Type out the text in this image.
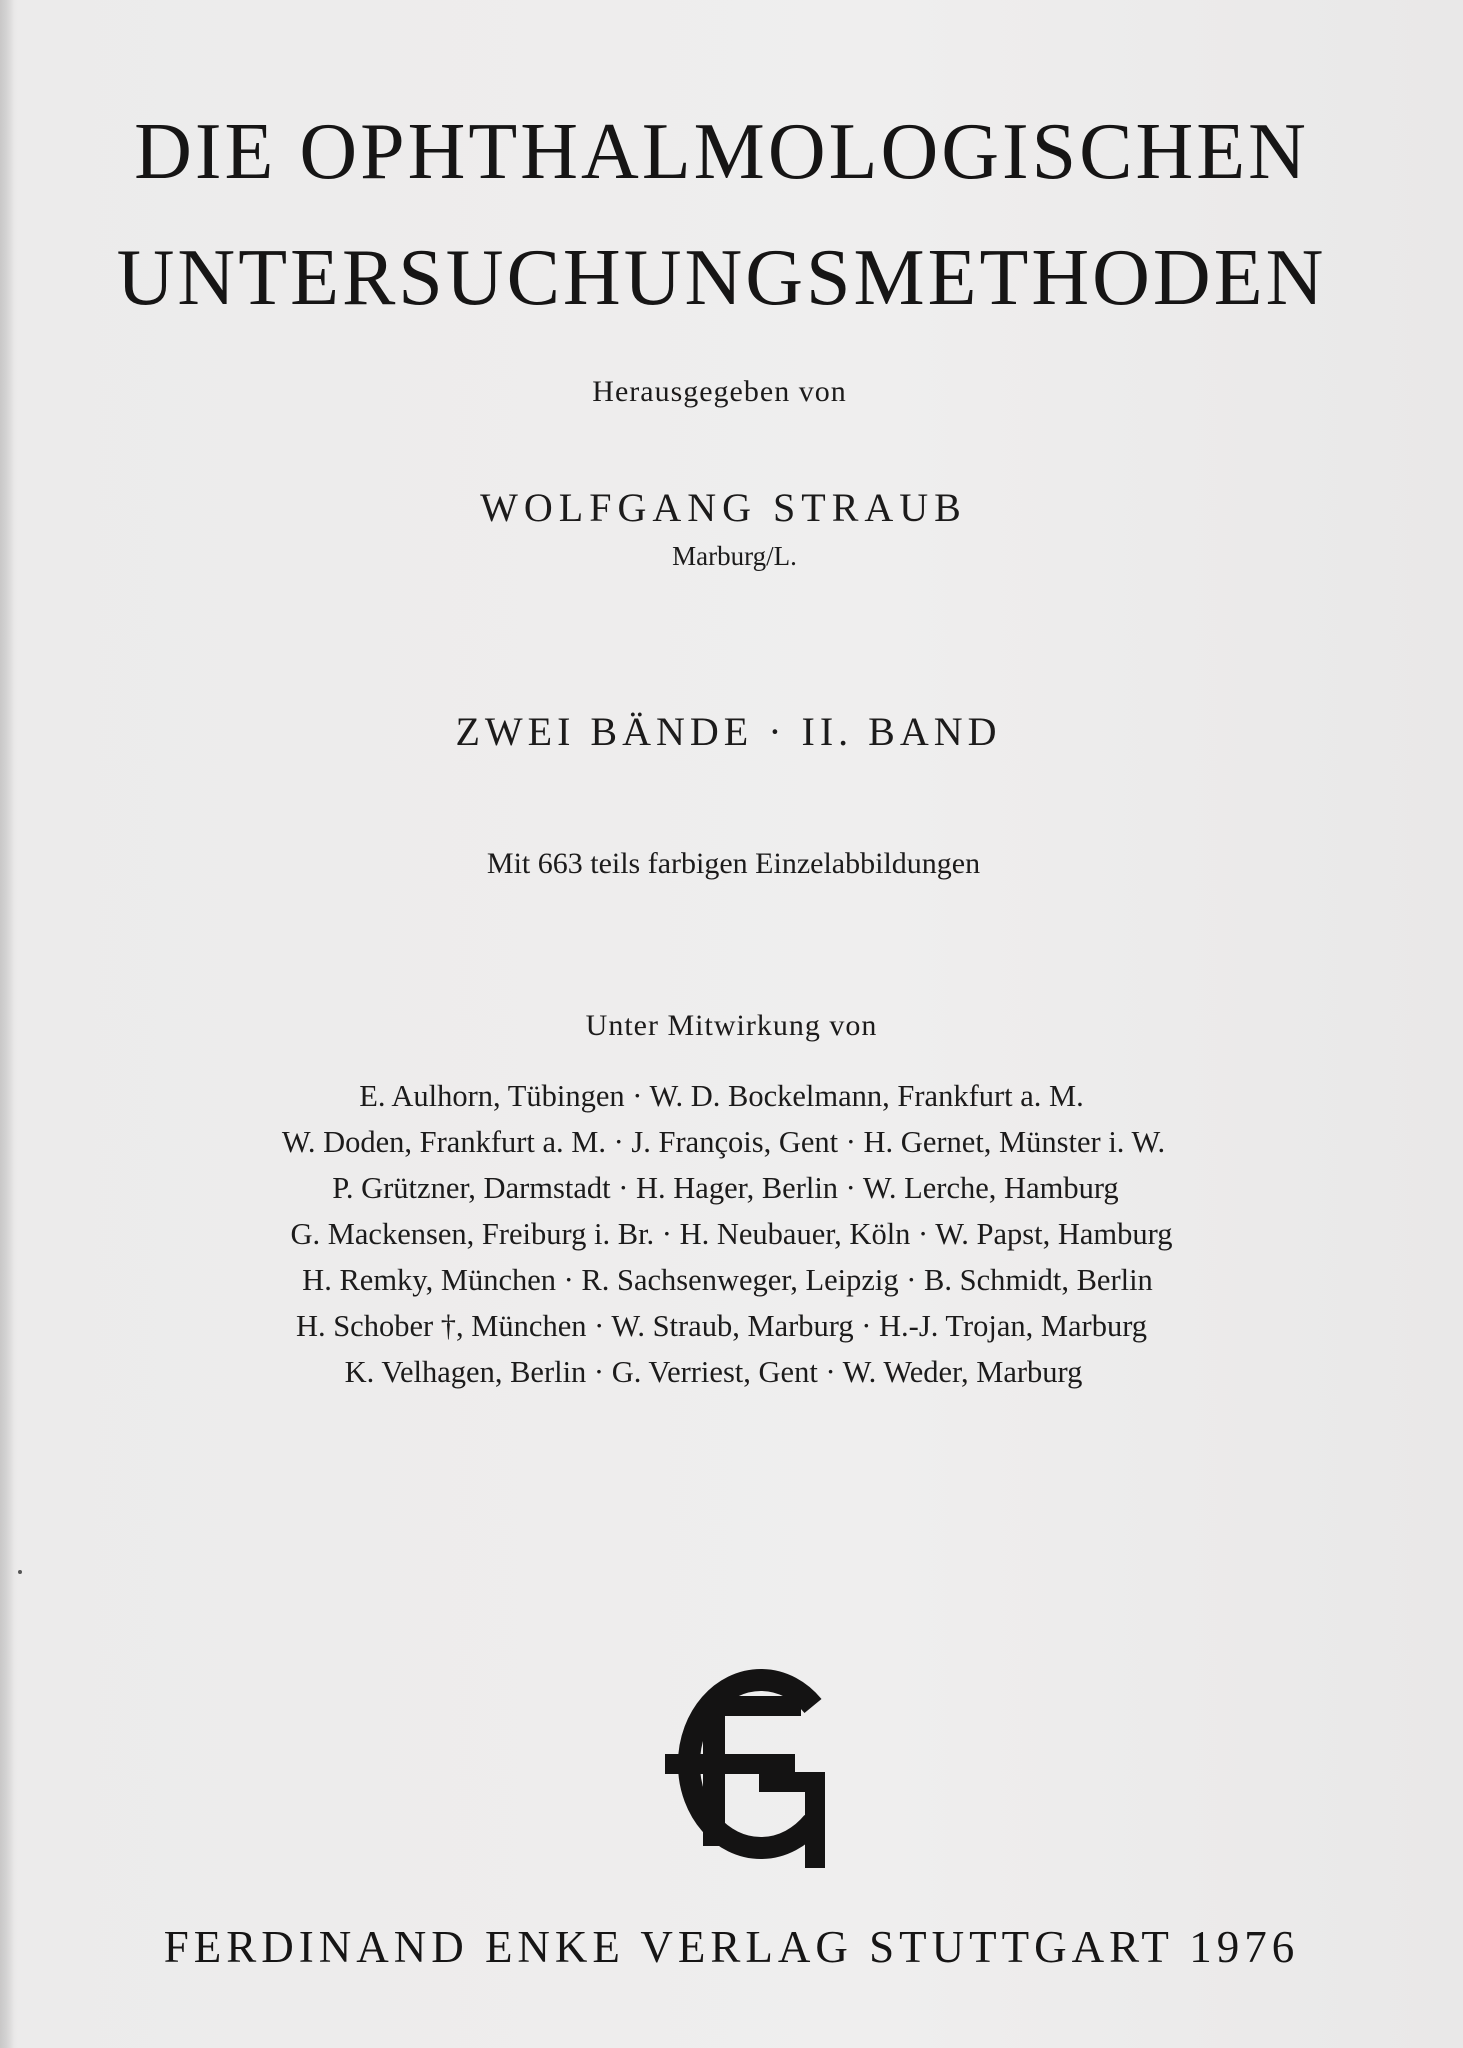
DIE OPHTHALMOLOGISCHEN
UNTERSUCHUNGSMETHODEN
Herausgegeben von
WOLFGANG STRAUB
Marburg/L.
ZWEI BÄNDE · II. BAND
Mit 663 teils farbigen Einzelabbildungen
Unter Mitwirkung von
E. Aulhorn, Tübingen · W. D. Bockelmann, Frankfurt a. M.
W. Doden, Frankfurt a. M. · J. François, Gent · H. Gernet, Münster i. W.
P. Grützner, Darmstadt · H. Hager, Berlin · W. Lerche, Hamburg
G. Mackensen, Freiburg i. Br. · H. Neubauer, Köln · W. Papst, Hamburg
H. Remky, München · R. Sachsenweger, Leipzig · B. Schmidt, Berlin
H. Schober †, München · W. Straub, Marburg · H.-J. Trojan, Marburg
K. Velhagen, Berlin · G. Verriest, Gent · W. Weder, Marburg
FERDINAND ENKE VERLAG STUTTGART 1976
